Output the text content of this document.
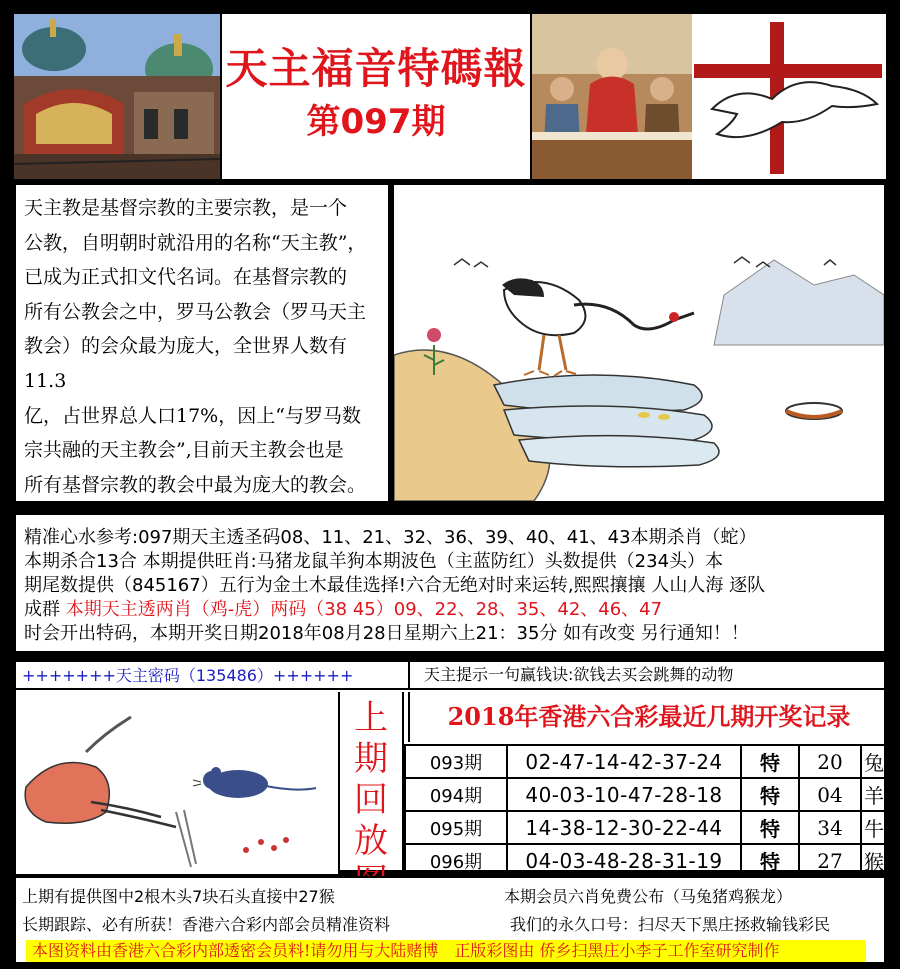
天主福音特碼報
第097期
天主教是基督宗教的主要宗教，是一个
公教，自明朝时就沿用的名称“天主教”，
已成为正式扣文代名词。在基督宗教的
所有公教会之中，罗马公教会（罗马天主
教会）的会众最为庞大，全世界人数有11.3
亿，占世界总人口17%，因上“与罗马数
宗共融的天主教会”,目前天主教会也是
所有基督宗教的教会中最为庞大的教会。
精准心水参考:097期天主透圣码08、11、21、32、36、39、40、41、43本期杀肖（蛇）
本期杀合13合 本期提供旺肖:马猪龙鼠羊狗本期波色（主蓝防红）头数提供（234头）本
期尾数提供（845167）五行为金土木最佳选择!六合无绝对时来运转,熙熙攘攘 人山人海 逐队
成群 本期天主透两肖（鸡-虎）两码（38 45）09、22、28、35、42、46、47
时会开出特码，本期开奖日期2018年08月28日星期六上21：35分 如有改变 另行通知！！
+++++++天主密码（135486）++++++	天主提示一句赢钱诀:欲钱去买会跳舞的动物
上
期
回
放
2018年香港六合彩最近几期开奖记录
093期	02-47-14-42-37-24	特	20	兔
094期	40-03-10-47-28-18	特	04	羊
095期	14-38-12-30-22-44	特	34	牛
096期	04-03-48-28-31-19	特	27	猴
上期有提供图中2根木头7块石头直接中27猴	本期会员六肖免费公布（马兔猪鸡猴龙）
长期跟踪、必有所获！香港六合彩内部会员精准资料	我们的永久口号：扫尽天下黑庄拯救输钱彩民
本图资料由香港六合彩内部透密会员料!请勿用与大陆赌博　正版彩图由 侨乡扫黑庄小李子工作室研究制作
